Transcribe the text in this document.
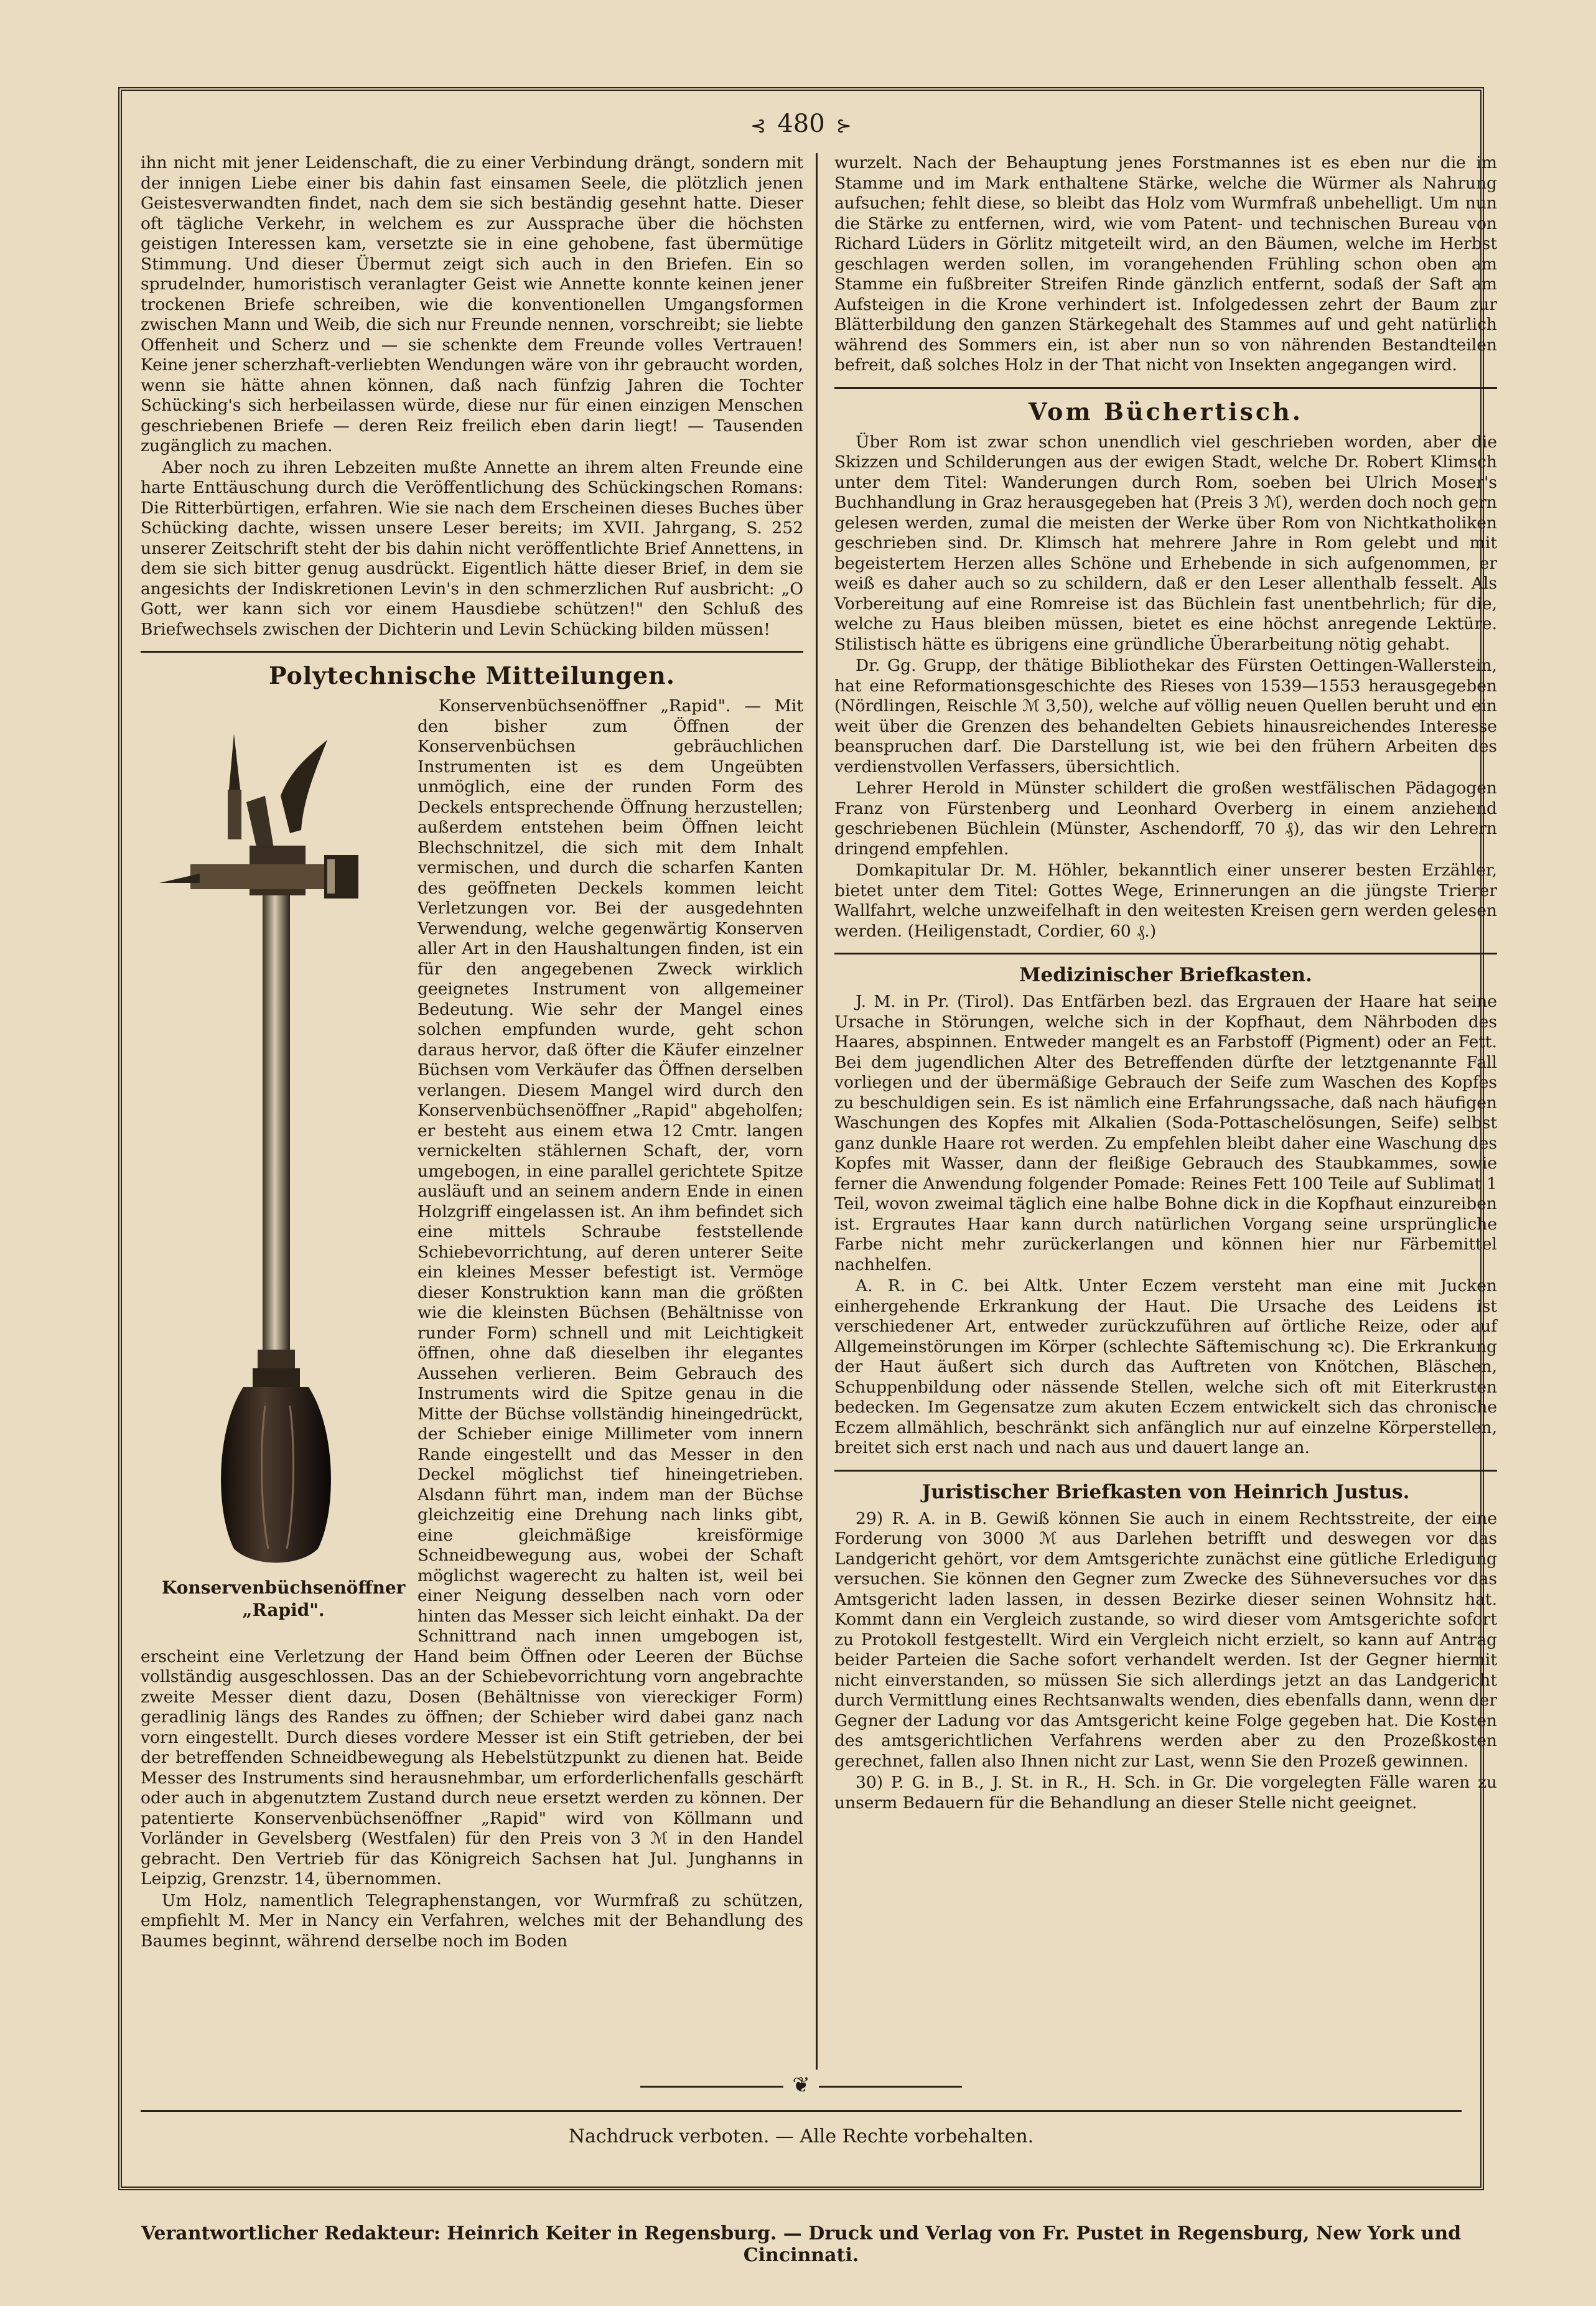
⊰ 480 ⊱

ihn nicht mit jener Leidenschaft, die zu einer Verbindung drängt, sondern mit der innigen Liebe einer bis dahin fast einsamen Seele, die plötzlich jenen Geistesverwandten findet, nach dem sie sich beständig gesehnt hatte. Dieser oft tägliche Verkehr, in welchem es zur Aussprache über die höchsten geistigen Interessen kam, versetzte sie in eine gehobene, fast übermütige Stimmung. Und dieser Übermut zeigt sich auch in den Briefen. Ein so sprudelnder, humoristisch veranlagter Geist wie Annette konnte keinen jener trockenen Briefe schreiben, wie die konventionellen Umgangsformen zwischen Mann und Weib, die sich nur Freunde nennen, vorschreibt; sie liebte Offenheit und Scherz und — sie schenkte dem Freunde volles Vertrauen! Keine jener scherzhaft-verliebten Wendungen wäre von ihr gebraucht worden, wenn sie hätte ahnen können, daß nach fünfzig Jahren die Tochter Schücking's sich herbeilassen würde, diese nur für einen einzigen Menschen geschriebenen Briefe — deren Reiz freilich eben darin liegt! — Tausenden zugänglich zu machen.

Aber noch zu ihren Lebzeiten mußte Annette an ihrem alten Freunde eine harte Enttäuschung durch die Veröffentlichung des Schückingschen Romans: Die Ritterbürtigen, erfahren. Wie sie nach dem Erscheinen dieses Buches über Schücking dachte, wissen unsere Leser bereits; im XVII. Jahrgang, S. 252 unserer Zeitschrift steht der bis dahin nicht veröffentlichte Brief Annettens, in dem sie sich bitter genug ausdrückt. Eigentlich hätte dieser Brief, in dem sie angesichts der Indiskretionen Levin's in den schmerzlichen Ruf ausbricht: „O Gott, wer kann sich vor einem Hausdiebe schützen!" den Schluß des Briefwechsels zwischen der Dichterin und Levin Schücking bilden müssen!

Polytechnische Mitteilungen.
Konservenbüchsenöffner
„Rapid".
Konservenbüchsenöffner „Rapid". — Mit den bisher zum Öffnen der Konservenbüchsen gebräuchlichen Instrumenten ist es dem Ungeübten unmöglich, eine der runden Form des Deckels entsprechende Öffnung herzustellen; außerdem entstehen beim Öffnen leicht Blechschnitzel, die sich mit dem Inhalt vermischen, und durch die scharfen Kanten des geöffneten Deckels kommen leicht Verletzungen vor. Bei der ausgedehnten Verwendung, welche gegenwärtig Konserven aller Art in den Haushaltungen finden, ist ein für den angegebenen Zweck wirklich geeignetes Instrument von allgemeiner Bedeutung. Wie sehr der Mangel eines solchen empfunden wurde, geht schon daraus hervor, daß öfter die Käufer einzelner Büchsen vom Verkäufer das Öffnen derselben verlangen. Diesem Mangel wird durch den Konservenbüchsenöffner „Rapid" abgeholfen; er besteht aus einem etwa 12 Cmtr. langen vernickelten stählernen Schaft, der, vorn umgebogen, in eine parallel gerichtete Spitze ausläuft und an seinem andern Ende in einen Holzgriff eingelassen ist. An ihm befindet sich eine mittels Schraube feststellende Schiebevorrichtung, auf deren unterer Seite ein kleines Messer befestigt ist. Vermöge dieser Konstruktion kann man die größten wie die kleinsten Büchsen (Behältnisse von runder Form) schnell und mit Leichtigkeit öffnen, ohne daß dieselben ihr elegantes Aussehen verlieren. Beim Gebrauch des Instruments wird die Spitze genau in die Mitte der Büchse vollständig hineingedrückt, der Schieber einige Millimeter vom innern Rande eingestellt und das Messer in den Deckel möglichst tief hineingetrieben. Alsdann führt man, indem man der Büchse gleichzeitig eine Drehung nach links gibt, eine gleichmäßige kreisförmige Schneidbewegung aus, wobei der Schaft möglichst wagerecht zu halten ist, weil bei einer Neigung desselben nach vorn oder hinten das Messer sich leicht einhakt. Da der Schnittrand nach innen umgebogen ist, erscheint eine Verletzung der Hand beim Öffnen oder Leeren der Büchse vollständig ausgeschlossen. Das an der Schiebevorrichtung vorn angebrachte zweite Messer dient dazu, Dosen (Behältnisse von viereckiger Form) geradlinig längs des Randes zu öffnen; der Schieber wird dabei ganz nach vorn eingestellt. Durch dieses vordere Messer ist ein Stift getrieben, der bei der betreffenden Schneidbewegung als Hebelstützpunkt zu dienen hat. Beide Messer des Instruments sind herausnehmbar, um erforderlichenfalls geschärft oder auch in abgenutztem Zustand durch neue ersetzt werden zu können. Der patentierte Konservenbüchsenöffner „Rapid" wird von Köllmann und Vorländer in Gevelsberg (Westfalen) für den Preis von 3 ℳ in den Handel gebracht. Den Vertrieb für das Königreich Sachsen hat Jul. Junghanns in Leipzig, Grenzstr. 14, übernommen.

Um Holz, namentlich Telegraphenstangen, vor Wurmfraß zu schützen, empfiehlt M. Mer in Nancy ein Verfahren, welches mit der Behandlung des Baumes beginnt, während derselbe noch im Boden

wurzelt. Nach der Behauptung jenes Forstmannes ist es eben nur die im Stamme und im Mark enthaltene Stärke, welche die Würmer als Nahrung aufsuchen; fehlt diese, so bleibt das Holz vom Wurmfraß unbehelligt. Um nun die Stärke zu entfernen, wird, wie vom Patent- und technischen Bureau von Richard Lüders in Görlitz mitgeteilt wird, an den Bäumen, welche im Herbst geschlagen werden sollen, im vorangehenden Frühling schon oben am Stamme ein fußbreiter Streifen Rinde gänzlich entfernt, sodaß der Saft am Aufsteigen in die Krone verhindert ist. Infolgedessen zehrt der Baum zur Blätterbildung den ganzen Stärkegehalt des Stammes auf und geht natürlich während des Sommers ein, ist aber nun so von nährenden Bestandteilen befreit, daß solches Holz in der That nicht von Insekten angegangen wird.

Vom Büchertisch.

Über Rom ist zwar schon unendlich viel geschrieben worden, aber die Skizzen und Schilderungen aus der ewigen Stadt, welche Dr. Robert Klimsch unter dem Titel: Wanderungen durch Rom, soeben bei Ulrich Moser's Buchhandlung in Graz herausgegeben hat (Preis 3 ℳ), werden doch noch gern gelesen werden, zumal die meisten der Werke über Rom von Nichtkatholiken geschrieben sind. Dr. Klimsch hat mehrere Jahre in Rom gelebt und mit begeistertem Herzen alles Schöne und Erhebende in sich aufgenommen, er weiß es daher auch so zu schildern, daß er den Leser allenthalb fesselt. Als Vorbereitung auf eine Romreise ist das Büchlein fast unentbehrlich; für die, welche zu Haus bleiben müssen, bietet es eine höchst anregende Lektüre. Stilistisch hätte es übrigens eine gründliche Überarbeitung nötig gehabt.

Dr. Gg. Grupp, der thätige Bibliothekar des Fürsten Oettingen-Wallerstein, hat eine Reformationsgeschichte des Rieses von 1539—1553 herausgegeben (Nördlingen, Reischle ℳ 3,50), welche auf völlig neuen Quellen beruht und ein weit über die Grenzen des behandelten Gebiets hinausreichendes Interesse beanspruchen darf. Die Darstellung ist, wie bei den frühern Arbeiten des verdienstvollen Verfassers, übersichtlich.

Lehrer Herold in Münster schildert die großen westfälischen Pädagogen Franz von Fürstenberg und Leonhard Overberg in einem anziehend geschriebenen Büchlein (Münster, Aschendorff, 70 ₰), das wir den Lehrern dringend empfehlen.

Domkapitular Dr. M. Höhler, bekanntlich einer unserer besten Erzähler, bietet unter dem Titel: Gottes Wege, Erinnerungen an die jüngste Trierer Wallfahrt, welche unzweifelhaft in den weitesten Kreisen gern werden gelesen werden. (Heiligenstadt, Cordier, 60 ₰.)

Medizinischer Briefkasten.

J. M. in Pr. (Tirol). Das Entfärben bezl. das Ergrauen der Haare hat seine Ursache in Störungen, welche sich in der Kopfhaut, dem Nährboden des Haares, abspinnen. Entweder mangelt es an Farbstoff (Pigment) oder an Fett. Bei dem jugendlichen Alter des Betreffenden dürfte der letztgenannte Fall vorliegen und der übermäßige Gebrauch der Seife zum Waschen des Kopfes zu beschuldigen sein. Es ist nämlich eine Erfahrungssache, daß nach häufigen Waschungen des Kopfes mit Alkalien (Soda-Pottaschelösungen, Seife) selbst ganz dunkle Haare rot werden. Zu empfehlen bleibt daher eine Waschung des Kopfes mit Wasser, dann der fleißige Gebrauch des Staubkammes, sowie ferner die Anwendung folgender Pomade: Reines Fett 100 Teile auf Sublimat 1 Teil, wovon zweimal täglich eine halbe Bohne dick in die Kopfhaut einzureiben ist. Ergrautes Haar kann durch natürlichen Vorgang seine ursprüngliche Farbe nicht mehr zurückerlangen und können hier nur Färbemittel nachhelfen.

A. R. in C. bei Altk. Unter Eczem versteht man eine mit Jucken einhergehende Erkrankung der Haut. Die Ursache des Leidens ist verschiedener Art, entweder zurückzuführen auf örtliche Reize, oder auf Allgemeinstörungen im Körper (schlechte Säftemischung ꝛc). Die Erkrankung der Haut äußert sich durch das Auftreten von Knötchen, Bläschen, Schuppenbildung oder nässende Stellen, welche sich oft mit Eiterkrusten bedecken. Im Gegensatze zum akuten Eczem entwickelt sich das chronische Eczem allmählich, beschränkt sich anfänglich nur auf einzelne Körperstellen, breitet sich erst nach und nach aus und dauert lange an.

Juristischer Briefkasten von Heinrich Justus.

29) R. A. in B. Gewiß können Sie auch in einem Rechtsstreite, der eine Forderung von 3000 ℳ aus Darlehen betrifft und deswegen vor das Landgericht gehört, vor dem Amtsgerichte zunächst eine gütliche Erledigung versuchen. Sie können den Gegner zum Zwecke des Sühneversuches vor das Amtsgericht laden lassen, in dessen Bezirke dieser seinen Wohnsitz hat. Kommt dann ein Vergleich zustande, so wird dieser vom Amtsgerichte sofort zu Protokoll festgestellt. Wird ein Vergleich nicht erzielt, so kann auf Antrag beider Parteien die Sache sofort verhandelt werden. Ist der Gegner hiermit nicht einverstanden, so müssen Sie sich allerdings jetzt an das Landgericht durch Vermittlung eines Rechtsanwalts wenden, dies ebenfalls dann, wenn der Gegner der Ladung vor das Amtsgericht keine Folge gegeben hat. Die Kosten des amtsgerichtlichen Verfahrens werden aber zu den Prozeßkosten gerechnet, fallen also Ihnen nicht zur Last, wenn Sie den Prozeß gewinnen.

30) P. G. in B., J. St. in R., H. Sch. in Gr. Die vorgelegten Fälle waren zu unserm Bedauern für die Behandlung an dieser Stelle nicht geeignet.

❦
Nachdruck verboten. — Alle Rechte vorbehalten.
Verantwortlicher Redakteur: Heinrich Keiter in Regensburg. — Druck und Verlag von Fr. Pustet in Regensburg, New York und Cincinnati.
